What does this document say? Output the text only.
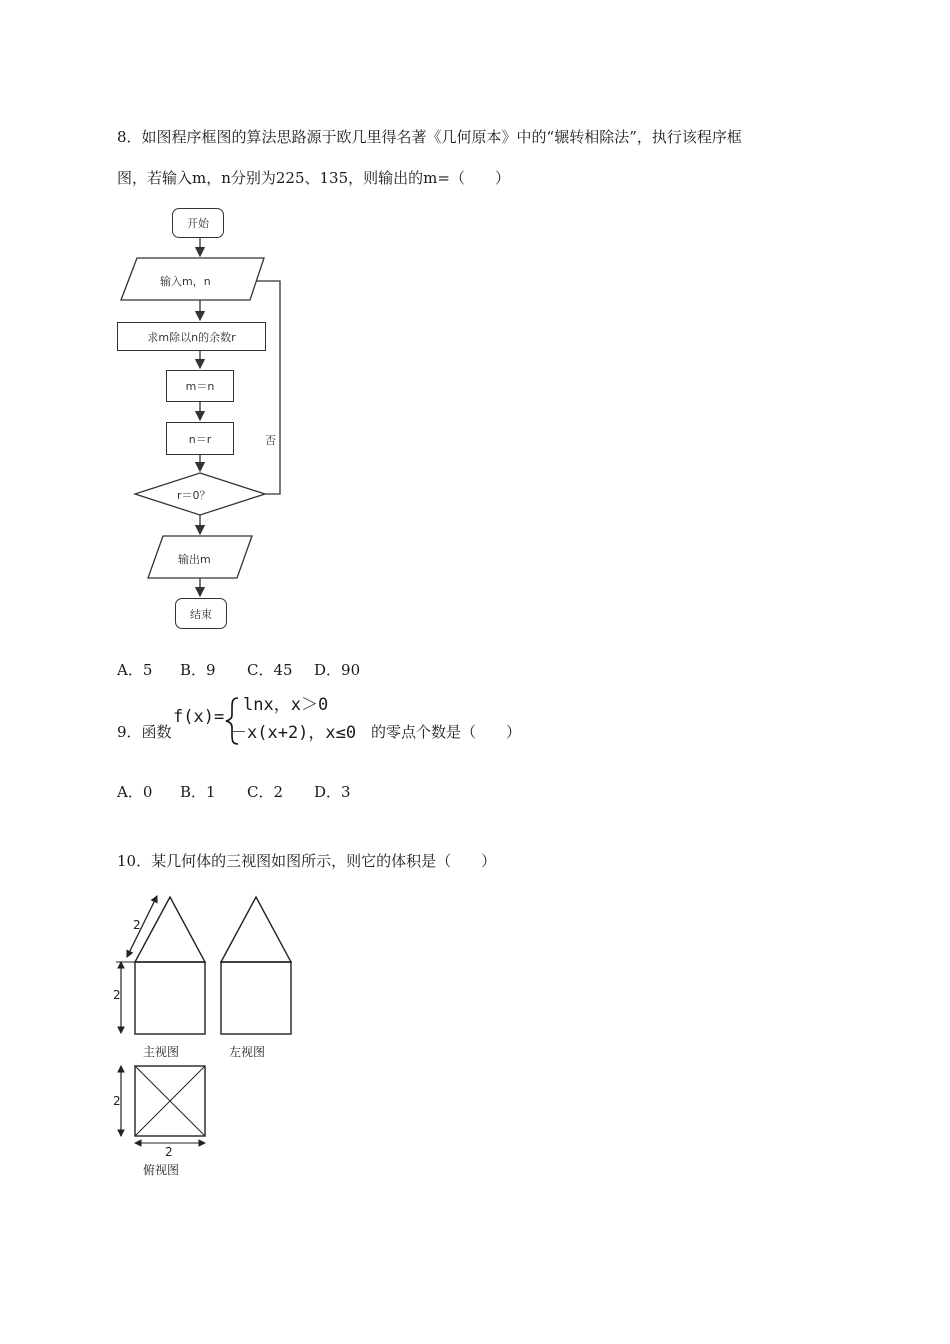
8．如图程序框图的算法思路源于欧几里得名著《几何原本》中的“辗转相除法”，执行该程序框
图，若输入m，n分别为225、135，则输出的m=（　　）
开始
输入m，n
求m除以n的余数r
m＝n
n＝r
r＝0？
否
输出m
结束
A．5 B．9 C．45 D．90
9．函数
f(x)=
lnx，x＞0
－x(x+2)，x≤0 的零点个数是（　　）
A．0 B．1 C．2 D．3
10．某几何体的三视图如图所示，则它的体积是（　　）
2
2
主视图	左视图
2
2
俯视图
